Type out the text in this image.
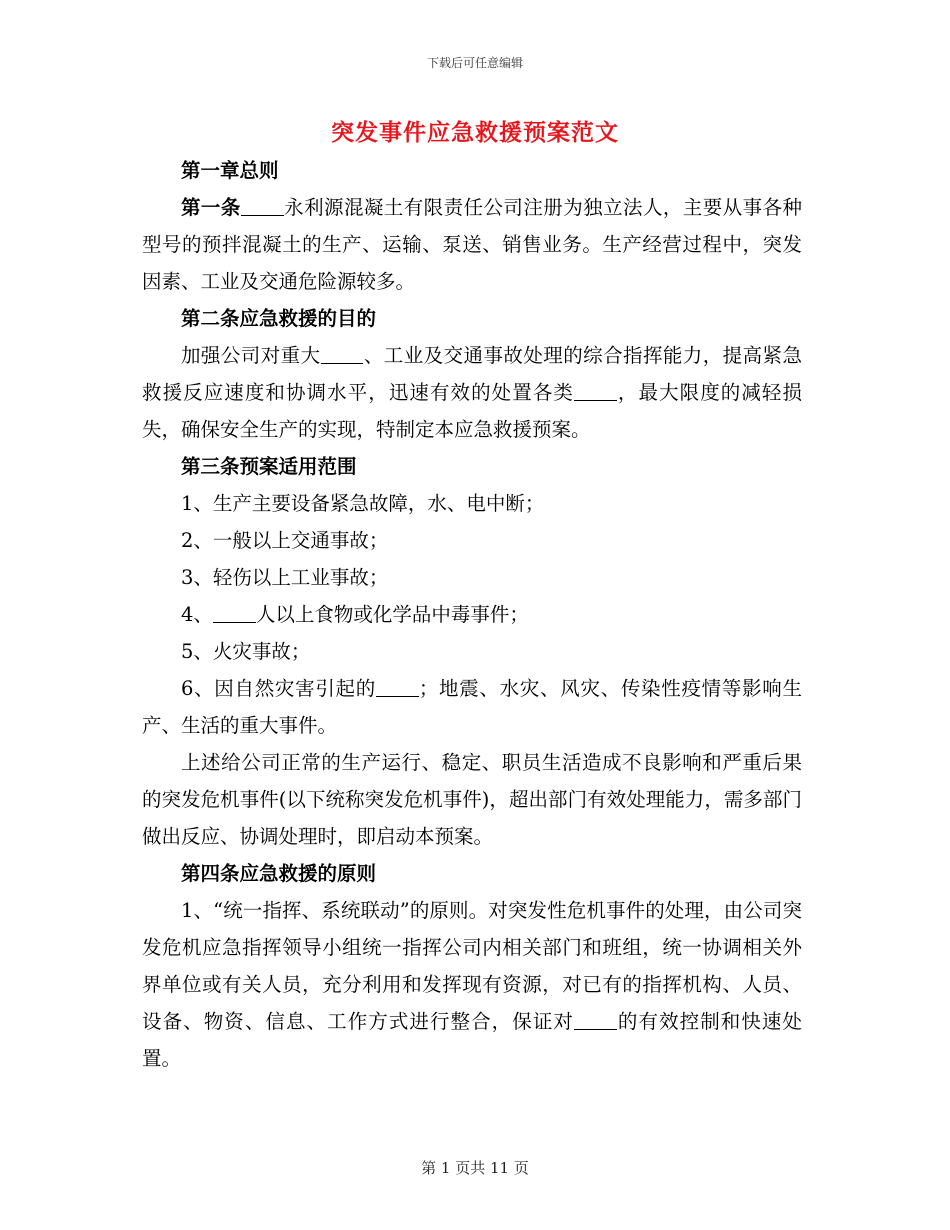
下载后可任意编辑
突发事件应急救援预案范文

第一章总则

第一条 永利源混凝土有限责任公司注册为独立法人，主要从事各种型号的预拌混凝土的生产、运输、泵送、销售业务。生产经营过程中，突发因素、工业及交通危险源较多。

第二条应急救援的目的

加强公司对重大 、工业及交通事故处理的综合指挥能力，提高紧急救援反应速度和协调水平，迅速有效的处置各类 ，最大限度的减轻损失，确保安全生产的实现，特制定本应急救援预案。

第三条预案适用范围

1、生产主要设备紧急故障，水、电中断；

2、一般以上交通事故；

3、轻伤以上工业事故；

4、 人以上食物或化学品中毒事件；

5、火灾事故；

6、因自然灾害引起的 ；地震、水灾、风灾、传染性疫情等影响生产、生活的重大事件。

上述给公司正常的生产运行、稳定、职员生活造成不良影响和严重后果的突发危机事件(以下统称突发危机事件)，超出部门有效处理能力，需多部门做出反应、协调处理时，即启动本预案。

第四条应急救援的原则

1、“统一指挥、系统联动”的原则。对突发性危机事件的处理，由公司突发危机应急指挥领导小组统一指挥公司内相关部门和班组，统一协调相关外界单位或有关人员，充分利用和发挥现有资源，对已有的指挥机构、人员、设备、物资、信息、工作方式进行整合，保证对 的有效控制和快速处置。

第 1 页共 11 页
